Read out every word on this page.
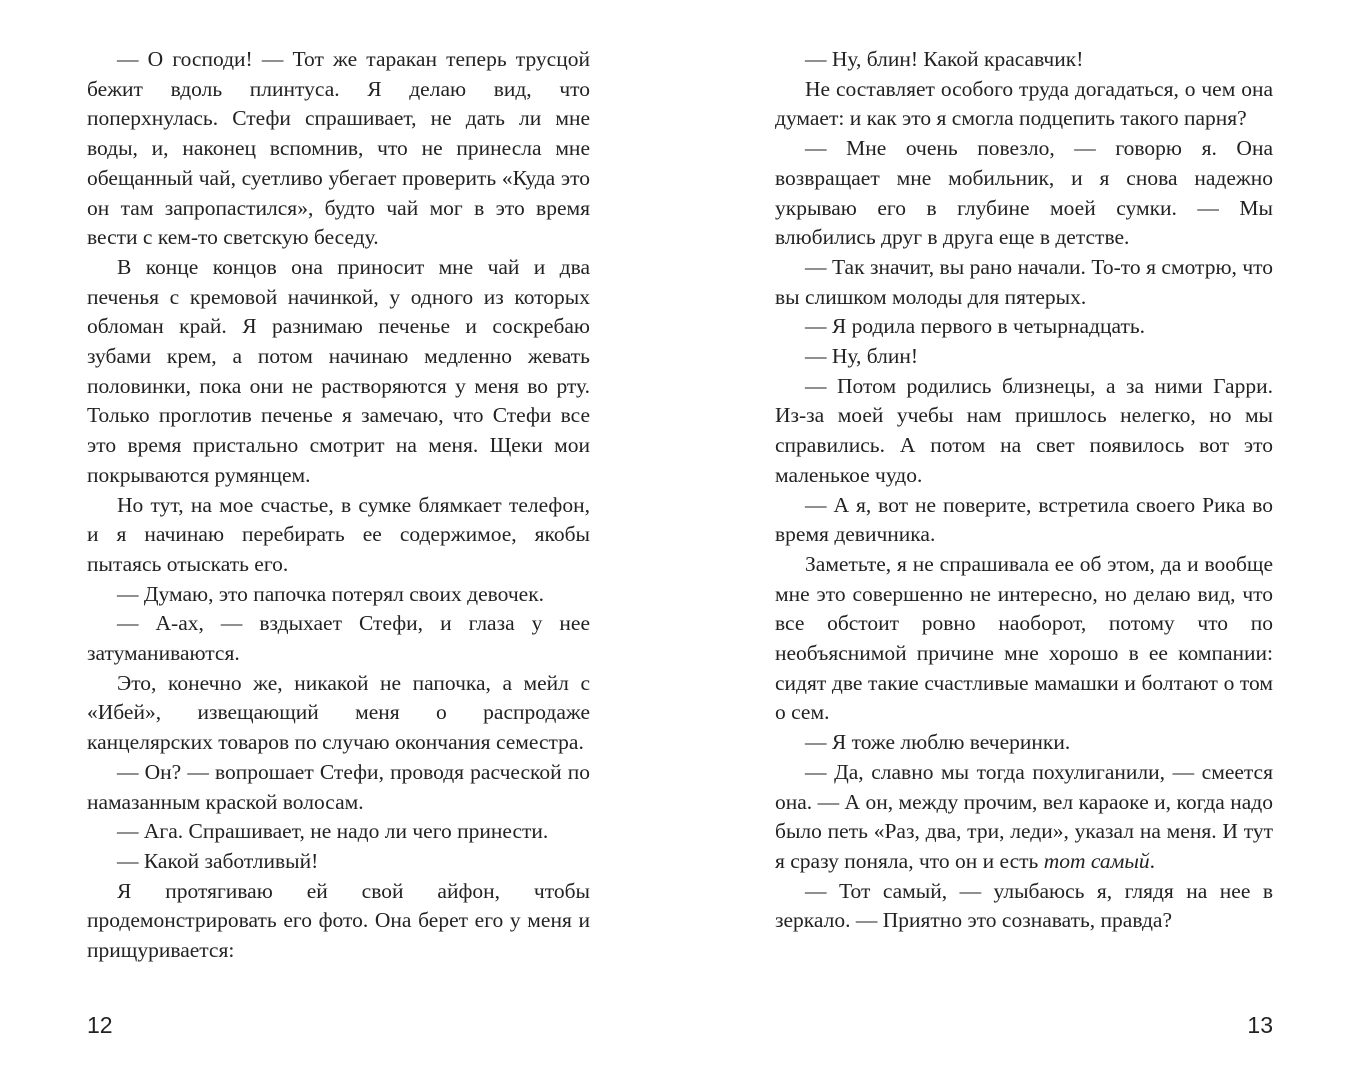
— О господи! — Тот же таракан теперь трусцой бежит вдоль плинтуса. Я делаю вид, что поперхнулась. Стефи спрашивает, не дать ли мне воды, и, наконец вспомнив, что не принесла мне обещанный чай, суетливо убегает проверить «Куда это он там запропастился», будто чай мог в это время вести с кем-то светскую беседу.

В конце концов она приносит мне чай и два печенья с кремовой начинкой, у одного из которых обломан край. Я разнимаю печенье и соскребаю зубами крем, а потом начинаю медленно жевать половинки, пока они не растворяются у меня во рту. Только проглотив печенье я замечаю, что Стефи все это время пристально смотрит на меня. Щеки мои покрываются румянцем.

Но тут, на мое счастье, в сумке блямкает телефон, и я начинаю перебирать ее содержимое, якобы пытаясь отыскать его.

— Думаю, это папочка потерял своих девочек.

— А-ах, — вздыхает Стефи, и глаза у нее затуманиваются.

Это, конечно же, никакой не папочка, а мейл с «Ибей», извещающий меня о распродаже канцелярских товаров по случаю окончания семестра.

— Он? — вопрошает Стефи, проводя расческой по намазанным краской волосам.

— Ага. Спрашивает, не надо ли чего принести.

— Какой заботливый!

Я протягиваю ей свой айфон, чтобы продемонстрировать его фото. Она берет его у меня и прищуривается:

12

— Ну, блин! Какой красавчик!

Не составляет особого труда догадаться, о чем она думает: и как это я смогла подцепить такого парня?

— Мне очень повезло, — говорю я. Она возвращает мне мобильник, и я снова надежно укрываю его в глубине моей сумки. — Мы влюбились друг в друга еще в детстве.

— Так значит, вы рано начали. То-то я смотрю, что вы слишком молоды для пятерых.

— Я родила первого в четырнадцать.

— Ну, блин!

— Потом родились близнецы, а за ними Гарри. Из-за моей учебы нам пришлось нелегко, но мы справились. А потом на свет появилось вот это маленькое чудо.

— А я, вот не поверите, встретила своего Рика во время девичника.

Заметьте, я не спрашивала ее об этом, да и вообще мне это совершенно не интересно, но делаю вид, что все обстоит ровно наоборот, потому что по необъяснимой причине мне хорошо в ее компании: сидят две такие счастливые мамашки и болтают о том о сем.

— Я тоже люблю вечеринки.

— Да, славно мы тогда похулиганили, — смеется она. — А он, между прочим, вел караоке и, когда надо было петь «Раз, два, три, леди», указал на меня. И тут я сразу поняла, что он и есть тот самый.

— Тот самый, — улыбаюсь я, глядя на нее в зеркало. — Приятно это сознавать, правда?

13
